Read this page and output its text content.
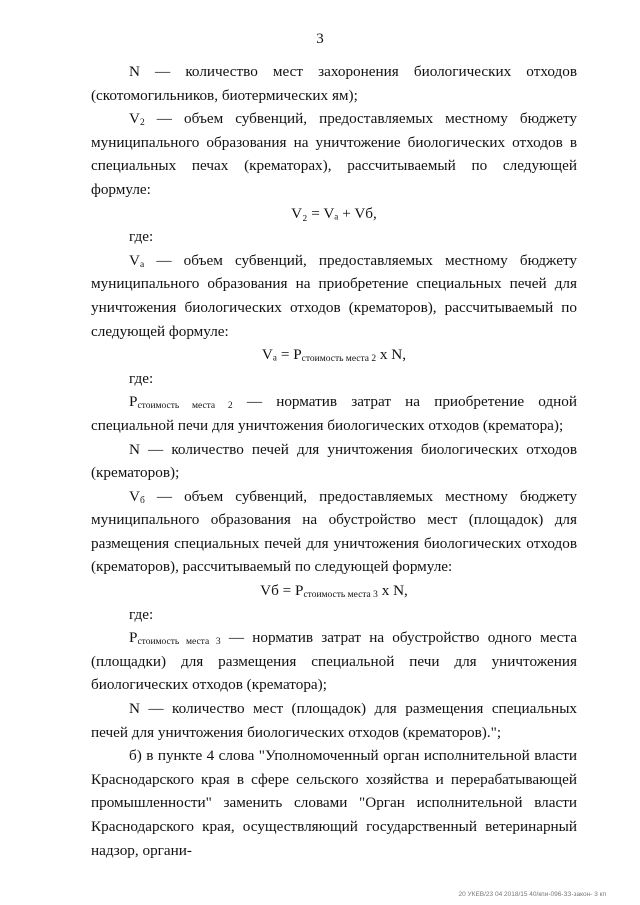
3

N — количество мест захоронения биологических отходов (скотомогильников, биотермических ям);

$V_2$ — объем субвенций, предоставляемых местному бюджету муниципального образования на уничтожение биологических отходов в специальных печах (крематорах), рассчитываемый по следующей формуле:

V₂ = Vₐ + Vб,

где:

$V_а$ — объем субвенций, предоставляемых местному бюджету муниципального образования на приобретение специальных печей для уничтожения биологических отходов (крематоров), рассчитываемый по следующей формуле:

$V_a = P_{стоимость места 2}$ x N,

где:

$P_{стоимость места 2}$ — норматив затрат на приобретение одной специальной печи для уничтожения биологических отходов (крематора);

N — количество печей для уничтожения биологических отходов (крематоров);

$V_б$ — объем субвенций, предоставляемых местному бюджету муниципального образования на обустройство мест (площадок) для размещения специальных печей для уничтожения биологических отходов (крематоров), рассчитываемый по следующей формуле:

Vб = $P_{стоимость места 3}$ x N,

где:

$P_{стоимость места 3}$ — норматив затрат на обустройство одного места (площадки) для размещения специальной печи для уничтожения биологических отходов (крематора);

N — количество мест (площадок) для размещения специальных печей для уничтожения биологических отходов (крематоров).";

б) в пункте 4 слова "Уполномоченный орган исполнительной власти Краснодарского края в сфере сельского хозяйства и перерабатывающей промышленности" заменить словами "Орган исполнительной власти Краснодарского края, осуществляющий государственный ветеринарный надзор, органи-

20 УКЕВ/23 04 2018/15 40/кпи-096-ЗЗ-закон- 3 кп
